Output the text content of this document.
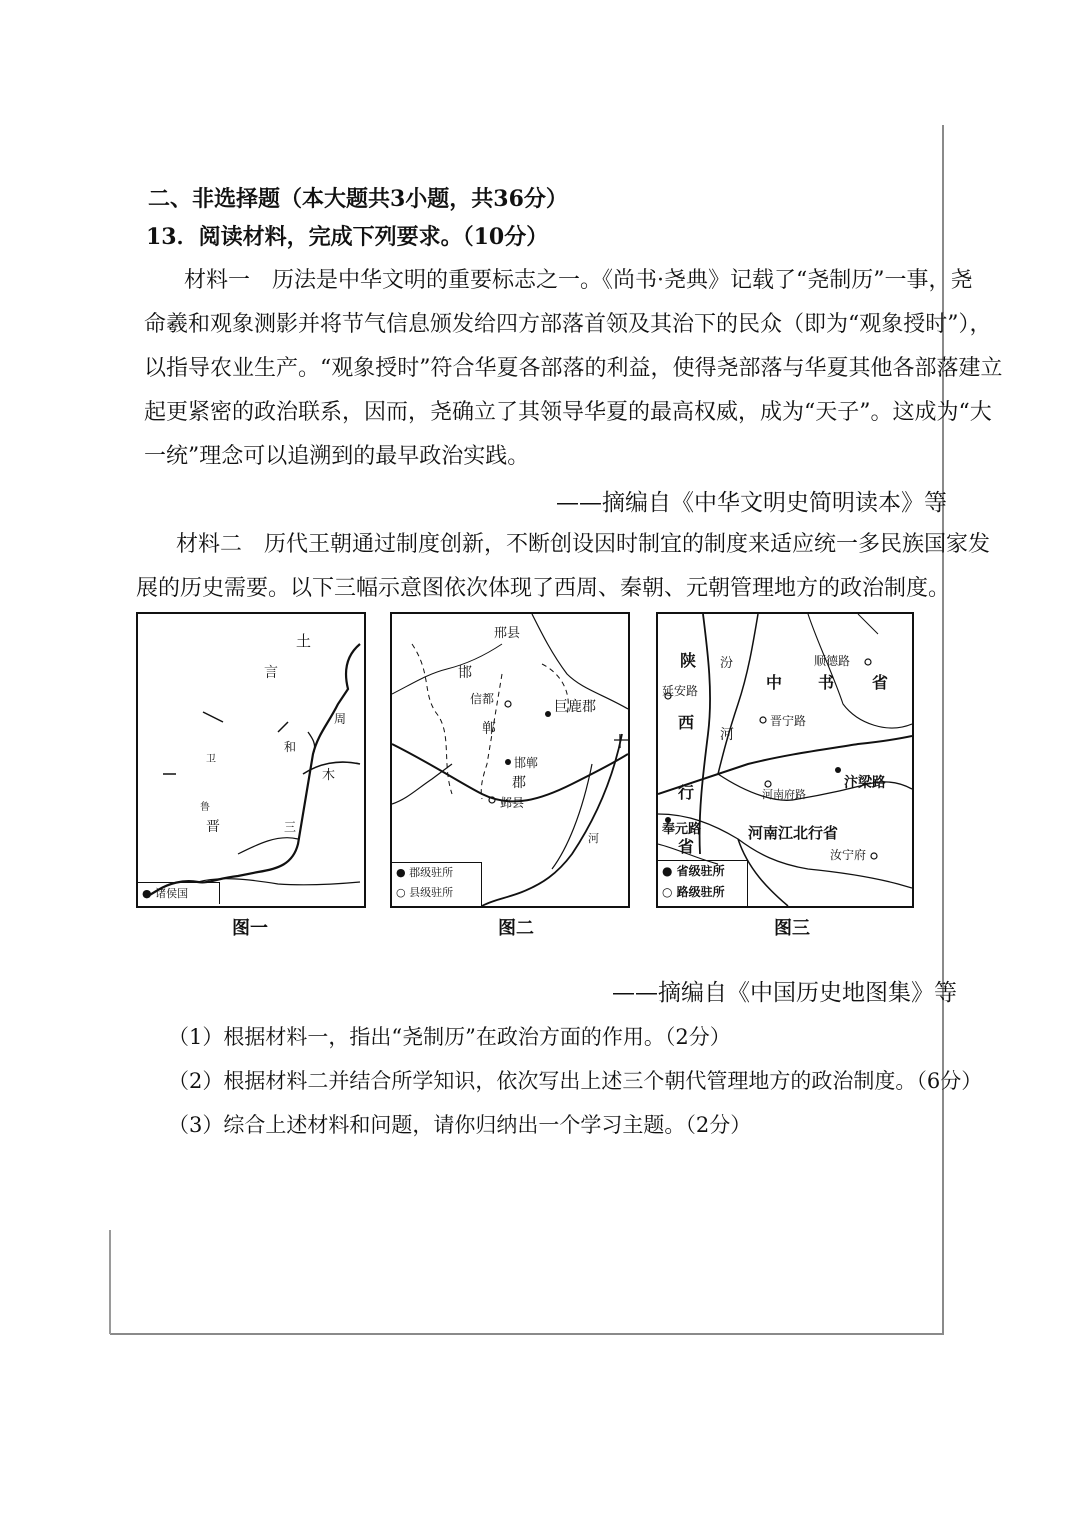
二、非选择题（本大题共3小题，共36分）
13．阅读材料，完成下列要求。（10分）
材料一　历法是中华文明的重要标志之一。《尚书·尧典》记载了“尧制历”一事，尧
命羲和观象测影并将节气信息颁发给四方部落首领及其治下的民众（即为“观象授时”），
以指导农业生产。“观象授时”符合华夏各部落的利益，使得尧部落与华夏其他各部落建立
起更紧密的政治联系，因而，尧确立了其领导华夏的最高权威，成为“天子”。这成为“大
一统”理念可以追溯到的最早政治实践。
——摘编自《中华文明史简明读本》等
材料二　历代王朝通过制度创新，不断创设因时制宜的制度来适应统一多民族国家发
展的历史需要。以下三幅示意图依次体现了西周、秦朝、元朝管理地方的政治制度。
土
言
周
和
木
三
晋
卫
鲁
● 诸侯国
邢县
邯
信都	巨鹿郡
郸
邯郸
郡
邺县
河
● 郡级驻所
○ 县级驻所
陕
西
行
省
延安路
汾
河
中 书 省
顺德路
晋宁路
汴梁路
河南府路
奉元路	河南江北行省
汝宁府
● 省级驻所
○ 路级驻所
图一	图二	图三
——摘编自《中国历史地图集》等
（1）根据材料一，指出“尧制历”在政治方面的作用。（2分）
（2）根据材料二并结合所学知识，依次写出上述三个朝代管理地方的政治制度。（6分）
（3）综合上述材料和问题，请你归纳出一个学习主题。（2分）
